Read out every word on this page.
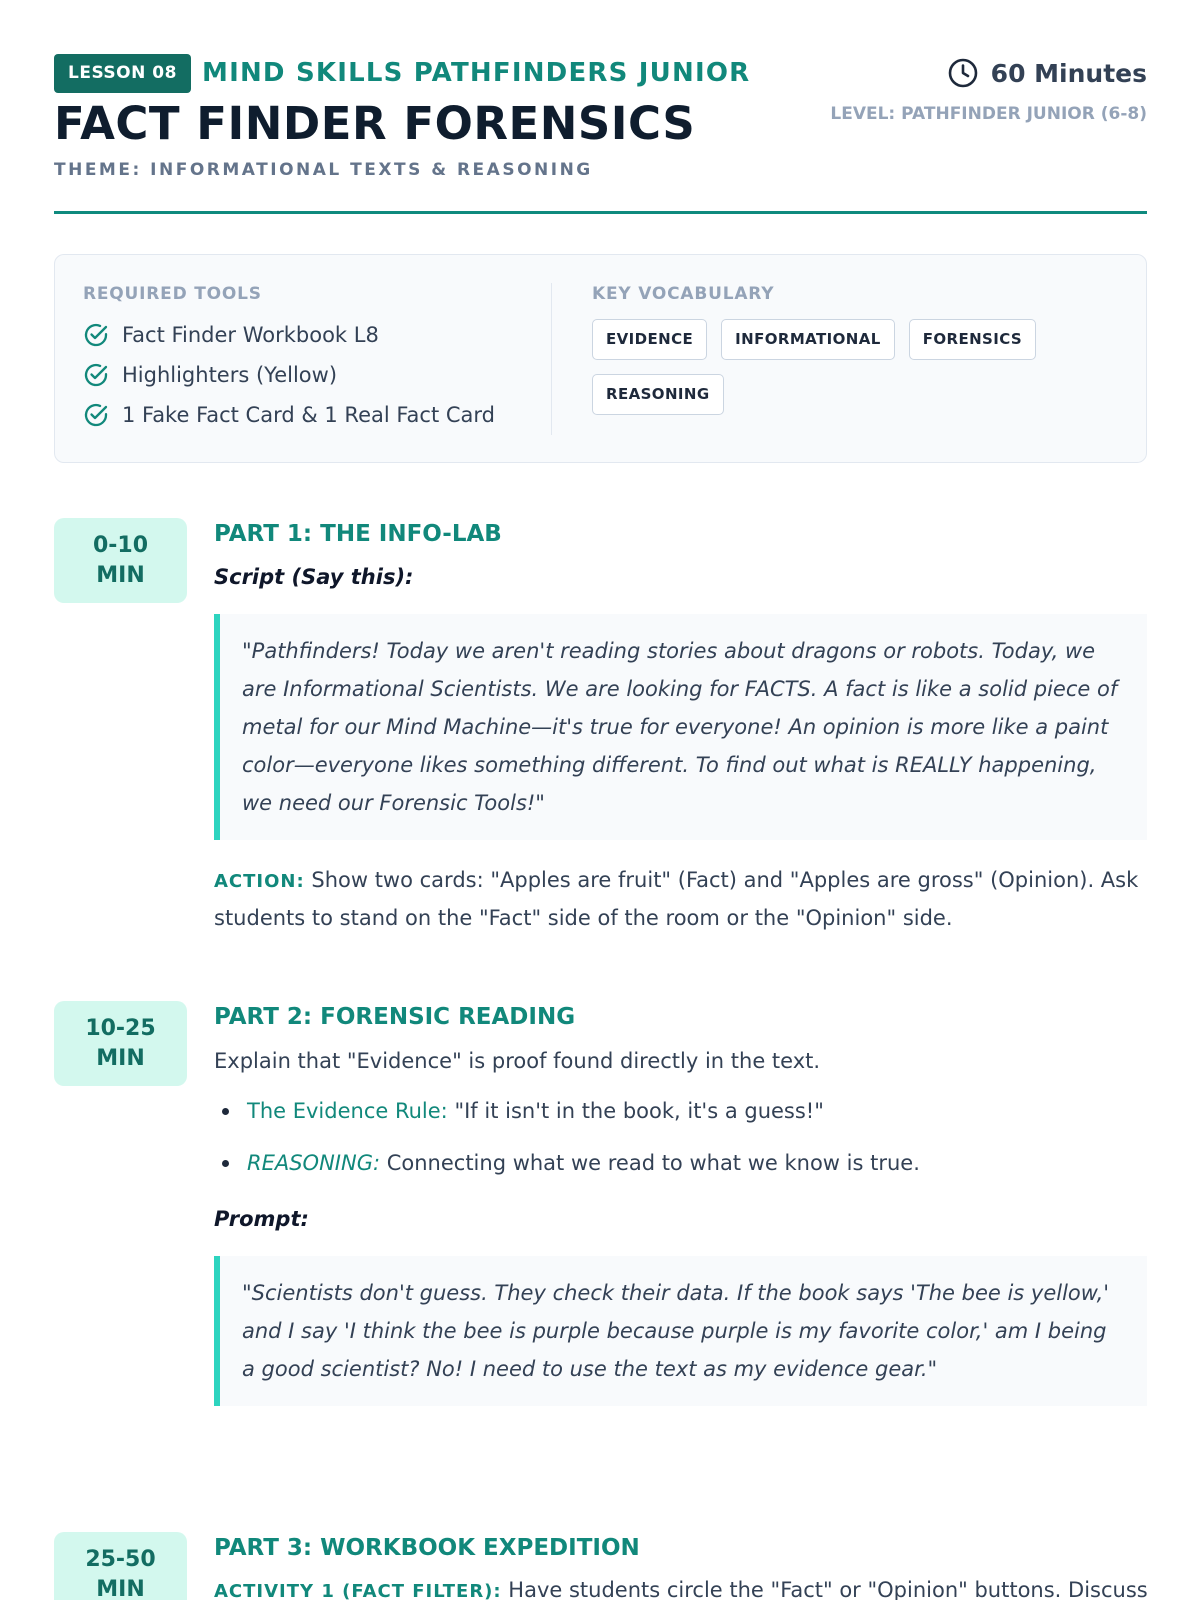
LESSON 08 MIND SKILLS PATHFINDERS JUNIOR
FACT FINDER FORENSICS
THEME: INFORMATIONAL TEXTS & REASONING
60 Minutes
LEVEL: PATHFINDER JUNIOR (6-8)
REQUIRED TOOLS
Fact Finder Workbook L8
Highlighters (Yellow)
1 Fake Fact Card & 1 Real Fact Card
KEY VOCABULARY
EVIDENCE	INFORMATIONAL	FORENSICS
REASONING
0-10
MIN
PART 1: THE INFO-LAB
Script (Say this):
"Pathfinders! Today we aren't reading stories about dragons or robots. Today, we are Informational Scientists. We are looking for FACTS. A fact is like a solid piece of metal for our Mind Machine—it's true for everyone! An opinion is more like a paint color—everyone likes something different. To find out what is REALLY happening, we need our Forensic Tools!"
ACTION: Show two cards: "Apples are fruit" (Fact) and "Apples are gross" (Opinion). Ask students to stand on the "Fact" side of the room or the "Opinion" side.
10-25
MIN
PART 2: FORENSIC READING
Explain that "Evidence" is proof found directly in the text.
The Evidence Rule: "If it isn't in the book, it's a guess!"
REASONING: Connecting what we read to what we know is true.
Prompt:
"Scientists don't guess. They check their data. If the book says 'The bee is yellow,' and I say 'I think the bee is purple because purple is my favorite color,' am I being a good scientist? No! I need to use the text as my evidence gear."
25-50
MIN
PART 3: WORKBOOK EXPEDITION
ACTIVITY 1 (FACT FILTER): Have students circle the "Fact" or "Opinion" buttons. Discuss
